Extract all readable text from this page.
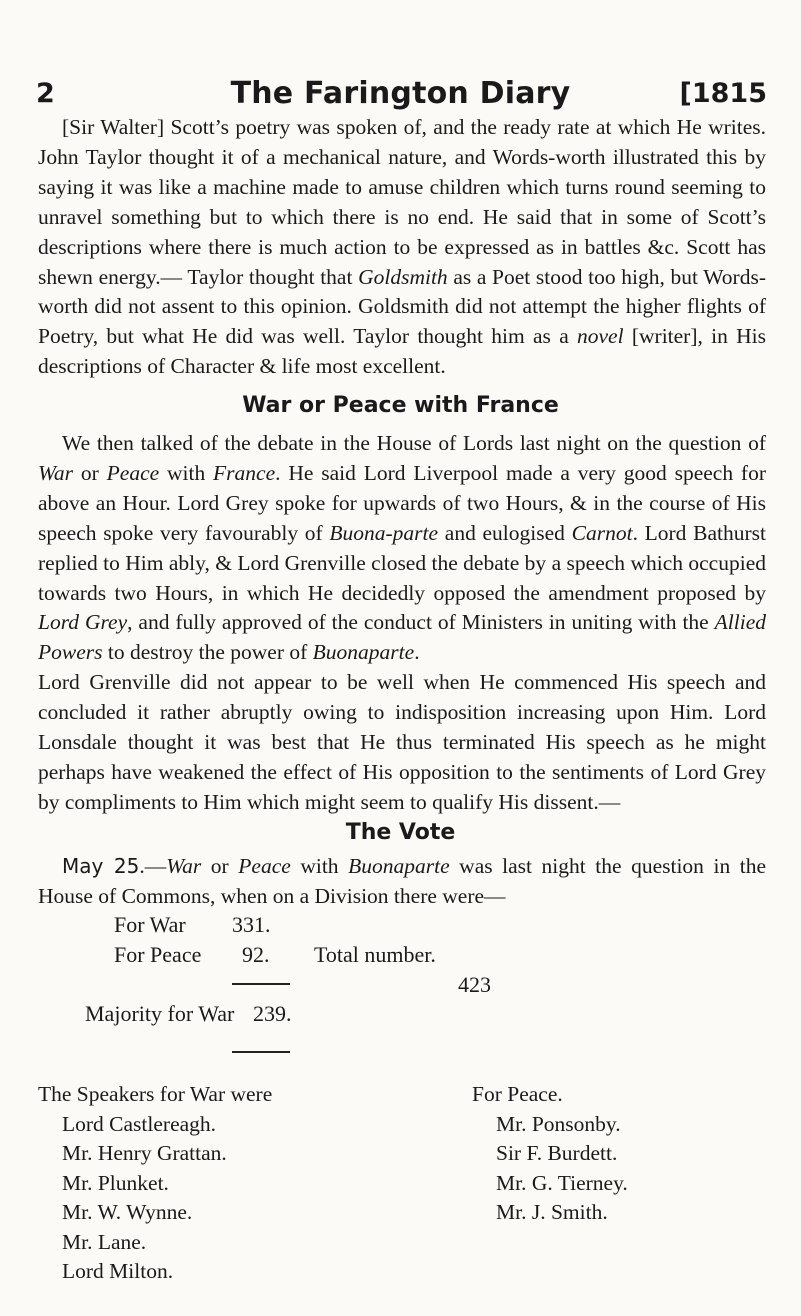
2	The Farington Diary	[1815

[Sir Walter] Scott’s poetry was spoken of, and the ready rate at which He writes. John Taylor thought it of a mechanical nature, and Words-worth illustrated this by saying it was like a machine made to amuse children which turns round seeming to unravel something but to which there is no end. He said that in some of Scott’s descriptions where there is much action to be expressed as in battles &c. Scott has shewn energy.— Taylor thought that Goldsmith as a Poet stood too high, but Words-worth did not assent to this opinion. Goldsmith did not attempt the higher flights of Poetry, but what He did was well. Taylor thought him as a novel [writer], in His descriptions of Character & life most excellent.

War or Peace with France

We then talked of the debate in the House of Lords last night on the question of War or Peace with France. He said Lord Liverpool made a very good speech for above an Hour. Lord Grey spoke for upwards of two Hours, & in the course of His speech spoke very favourably of Buona-parte and eulogised Carnot. Lord Bathurst replied to Him ably, & Lord Grenville closed the debate by a speech which occupied towards two Hours, in which He decidedly opposed the amendment proposed by Lord Grey, and fully approved of the conduct of Ministers in uniting with the Allied Powers to destroy the power of Buonaparte.

Lord Grenville did not appear to be well when He commenced His speech and concluded it rather abruptly owing to indisposition increasing upon Him. Lord Lonsdale thought it was best that He thus terminated His speech as he might perhaps have weakened the effect of His opposition to the sentiments of Lord Grey by compliments to Him which might seem to qualify His dissent.—

The Vote

May 25.—War or Peace with Buonaparte was last night the question in the House of Commons, when on a Division there were—

For War 331.
For Peace 92. Total number.
423
Majority for War 239.
The Speakers for War were
Lord Castlereagh.
Mr. Henry Grattan.
Mr. Plunket.
Mr. W. Wynne.
Mr. Lane.
Lord Milton.
For Peace.
Mr. Ponsonby.
Sir F. Burdett.
Mr. G. Tierney.
Mr. J. Smith.
